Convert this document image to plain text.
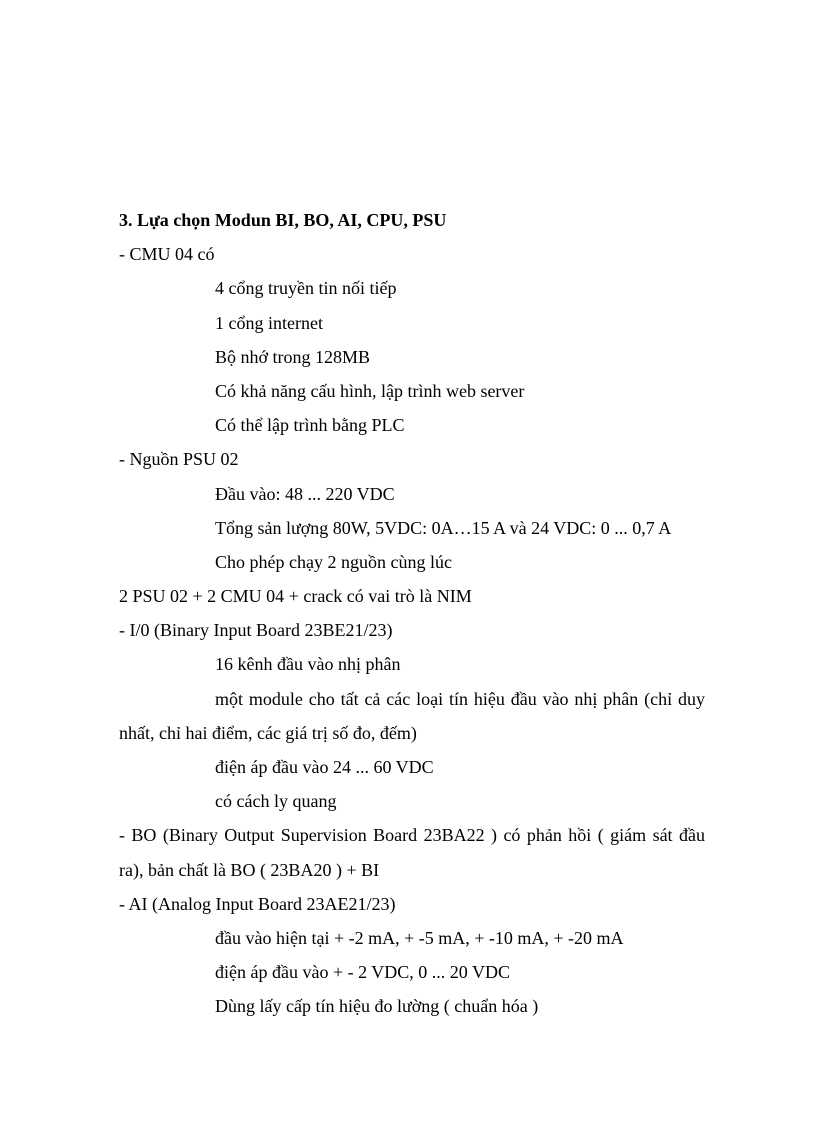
3. Lựa chọn Modun BI, BO, AI, CPU, PSU
- CMU 04 có
4 cổng truyền tin nối tiếp
1 cổng internet
Bộ nhớ trong 128MB
Có khả năng cấu hình, lập trình web server
Có thể lập trình bằng PLC
- Nguồn PSU 02
Đầu vào: 48 ... 220 VDC
Tổng sản lượng 80W, 5VDC: 0A…15 A và 24 VDC: 0 ... 0,7 A
Cho phép chạy 2 nguồn cùng lúc
2 PSU 02 + 2 CMU 04 + crack có vai trò là NIM
- I/0 (Binary Input Board 23BE21/23)
16 kênh đầu vào nhị phân
một module cho tất cả các loại tín hiệu đầu vào nhị phân (chỉ duy nhất, chỉ hai điểm, các giá trị số đo, đếm)
điện áp đầu vào 24 ... 60 VDC
có cách ly quang
- BO (Binary Output Supervision Board 23BA22 ) có phản hồi ( giám sát đầu ra), bản chất là BO ( 23BA20 ) + BI
- AI (Analog Input Board 23AE21/23)
đầu vào hiện tại + -2 mA, + -5 mA, + -10 mA, + -20 mA
điện áp đầu vào + - 2 VDC, 0 ... 20 VDC
Dùng lấy cấp tín hiệu đo lường ( chuẩn hóa )
